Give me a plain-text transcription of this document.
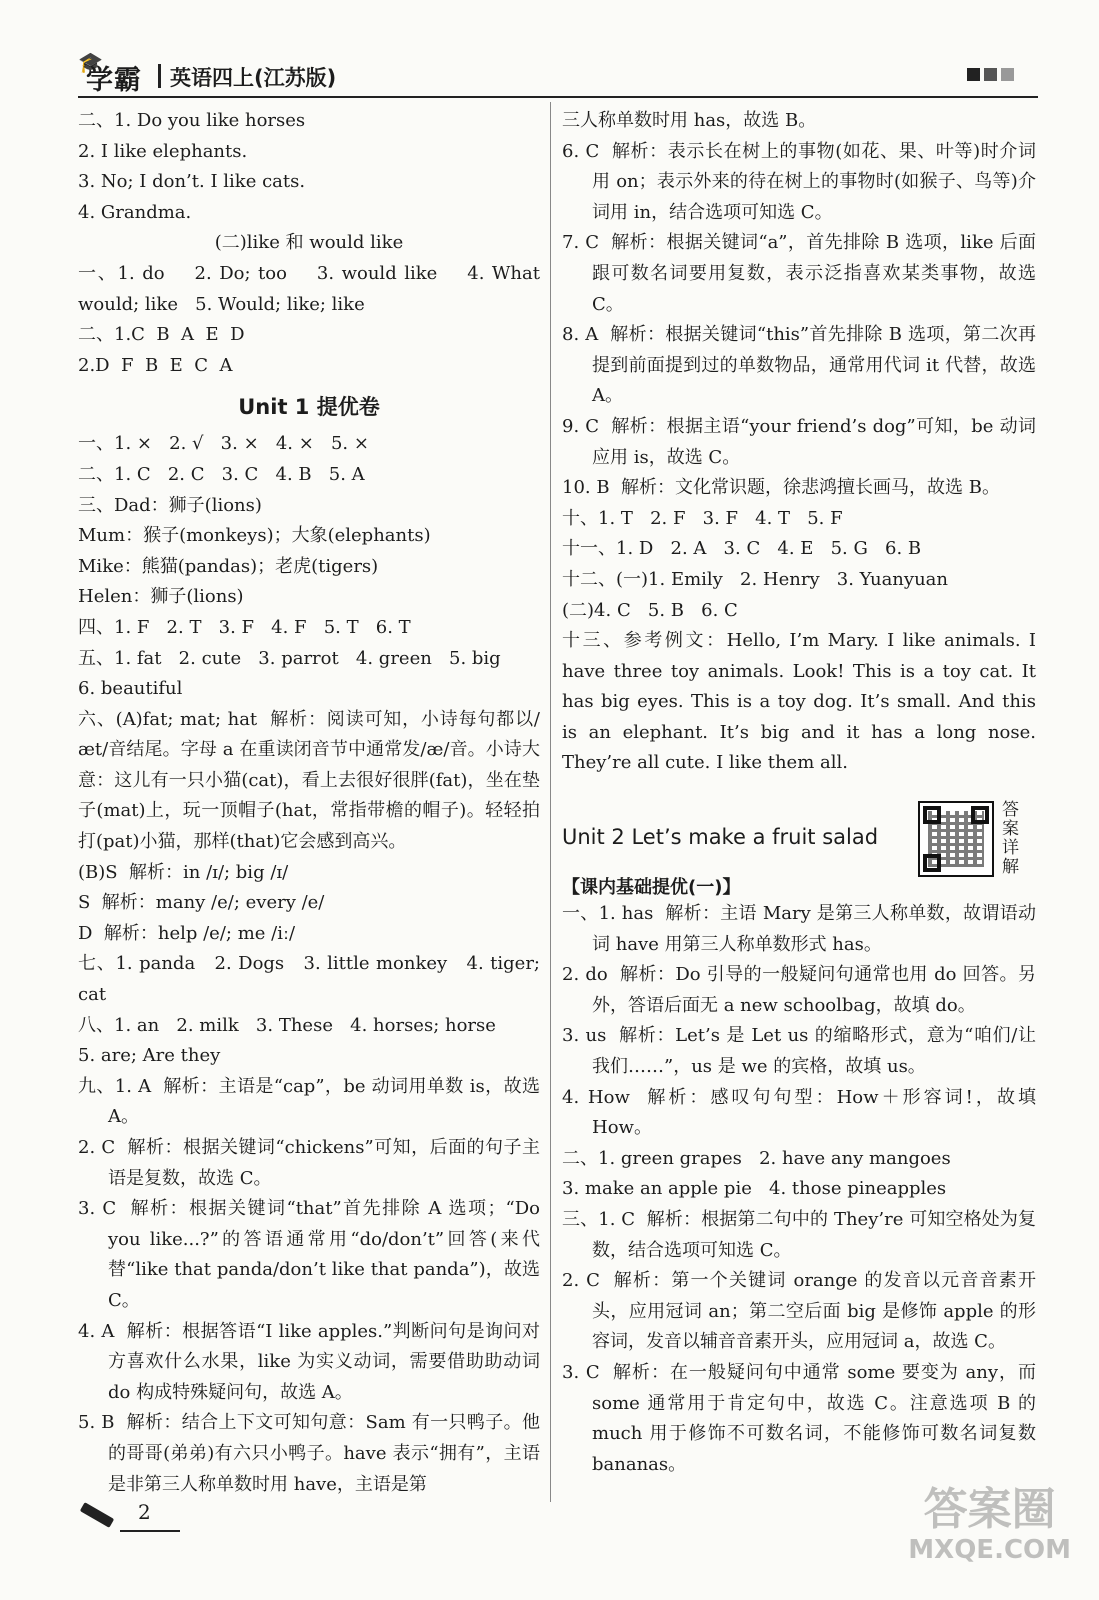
🎓
学霸 英语四上(江苏版)

二、1. Do you like horses

2. I like elephants.

3. No; I don’t. I like cats.

4. Grandma.

(二)like 和 would like

一、1. do    2. Do; too    3. would like    4. What would; like   5. Would; like; like

二、1.C  B  A  E  D

2.D  F  B  E  C  A

Unit 1 提优卷

一、1. ×   2. √   3. ×   4. ×   5. ×

二、1. C   2. C   3. C   4. B   5. A

三、Dad：狮子(lions)

Mum：猴子(monkeys)；大象(elephants)

Mike：熊猫(pandas)；老虎(tigers)

Helen：狮子(lions)

四、1. F   2. T   3. F   4. F   5. T   6. T

五、1. fat   2. cute   3. parrot   4. green   5. big

6. beautiful

六、(A)fat; mat; hat  解析：阅读可知，小诗每句都以/æt/音结尾。字母 a 在重读闭音节中通常发/æ/音。小诗大意：这儿有一只小猫(cat)，看上去很好很胖(fat)，坐在垫子(mat)上，玩一顶帽子(hat，常指带檐的帽子)。轻轻拍打(pat)小猫，那样(that)它会感到高兴。

(B)S  解析：in /ɪ/; big /ɪ/

S  解析：many /e/; every /e/

D  解析：help /e/; me /iː/

七、1. panda   2. Dogs   3. little monkey   4. tiger; cat

八、1. an   2. milk   3. These   4. horses; horse

5. are; Are they

九、1. A  解析：主语是“cap”，be 动词用单数 is，故选 A。

2. C  解析：根据关键词“chickens”可知，后面的句子主语是复数，故选 C。

3. C  解析：根据关键词“that”首先排除 A 选项；“Do you like...?”的答语通常用“do/don’t”回答(来代替“like that panda/don’t like that panda”)，故选 C。

4. A  解析：根据答语“I like apples.”判断问句是询问对方喜欢什么水果，like 为实义动词，需要借助助动词 do 构成特殊疑问句，故选 A。

5. B  解析：结合上下文可知句意：Sam 有一只鸭子。他的哥哥(弟弟)有六只小鸭子。have 表示“拥有”，主语是非第三人称单数时用 have，主语是第

三人称单数时用 has，故选 B。

6. C  解析：表示长在树上的事物(如花、果、叶等)时介词用 on；表示外来的待在树上的事物时(如猴子、鸟等)介词用 in，结合选项可知选 C。

7. C  解析：根据关键词“a”，首先排除 B 选项，like 后面跟可数名词要用复数，表示泛指喜欢某类事物，故选 C。

8. A  解析：根据关键词“this”首先排除 B 选项，第二次再提到前面提到过的单数物品，通常用代词 it 代替，故选 A。

9. C  解析：根据主语“your friend’s dog”可知，be 动词应用 is，故选 C。

10. B  解析：文化常识题，徐悲鸿擅长画马，故选 B。

十、1. T   2. F   3. F   4. T   5. F

十一、1. D   2. A   3. C   4. E   5. G   6. B

十二、(一)1. Emily   2. Henry   3. Yuanyuan

(二)4. C   5. B   6. C

十三、参考例文：Hello, I’m Mary. I like animals. I have three toy animals. Look! This is a toy cat. It has big eyes. This is a toy dog. It’s small. And this is an elephant. It’s big and it has a long nose. They’re all cute. I like them all.

Unit 2 Let’s make a fruit salad
答案详解

【课内基础提优(一)】

一、1. has  解析：主语 Mary 是第三人称单数，故谓语动词 have 用第三人称单数形式 has。

2. do  解析：Do 引导的一般疑问句通常也用 do 回答。另外，答语后面无 a new schoolbag，故填 do。

3. us  解析：Let’s 是 Let us 的缩略形式，意为“咱们/让我们……”，us 是 we 的宾格，故填 us。

4. How  解析：感叹句句型：How＋形容词!，故填 How。

二、1. green grapes   2. have any mangoes

3. make an apple pie   4. those pineapples

三、1. C  解析：根据第二句中的 They’re 可知空格处为复数，结合选项可知选 C。

2. C  解析：第一个关键词 orange 的发音以元音音素开头，应用冠词 an；第二空后面 big 是修饰 apple 的形容词，发音以辅音音素开头，应用冠词 a，故选 C。

3. C  解析：在一般疑问句中通常 some 要变为 any，而 some 通常用于肯定句中，故选 C。注意选项 B 的 much 用于修饰不可数名词，不能修饰可数名词复数 bananas。

2	答案圈
MXQE.COM
